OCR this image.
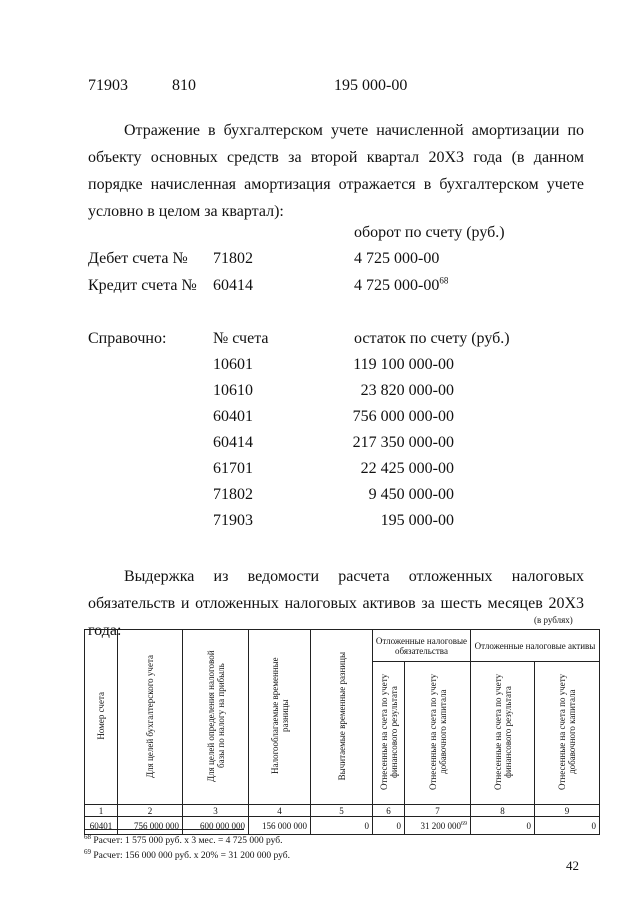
71903	810	195 000-00
Отражение в бухгалтерском учете начисленной амортизации по объекту основных средств за второй квартал 20Х3 года (в данном порядке начисленная амортизация отражается в бухгалтерском учете условно в целом за квартал):
оборот по счету (руб.)
Дебет счета № 71802	4 725 000-00
Кредит счета № 60414	4 725 $000-00^{68}$
Справочно:	№ счета	остаток по счету (руб.)
10601	119 100 000-00
10610	23 820 000-00
60401	756 000 000-00
60414	217 350 000-00
61701	22 425 000-00
71802	9 450 000-00
71903	195 000-00
Выдержка из ведомости расчета отложенных налоговых обязательств и отложенных налоговых активов за шесть месяцев 20Х3 года:
(в рублях)
Номер счета	Для целей бухгалтерского учета	Для целей определения налоговой базы по налогу на прибыль	Налогооблагаемые временные разницы	Вычитаемые временные разницы	Отложенные налоговые обязательства		Отложенные налоговые активы	
					Отнесенные на счета по учету финансового результата	Отнесенные на счета по учету добавочного капитала	Отнесенные на счета по учету финансового результата	Отнесенные на счета по учету добавочного капитала
1	2	3	4	5	6	7	8	9
60401	756 000 000	600 000 000	156 000 000	0	0	31 200 $000^{69}$	0	0
$^{68}$ Расчет: 1 575 000 руб. х 3 мес. = 4 725 000 руб.
$^{69}$ Расчет: 156 000 000 руб. х 20% = 31 200 000 руб.
42
